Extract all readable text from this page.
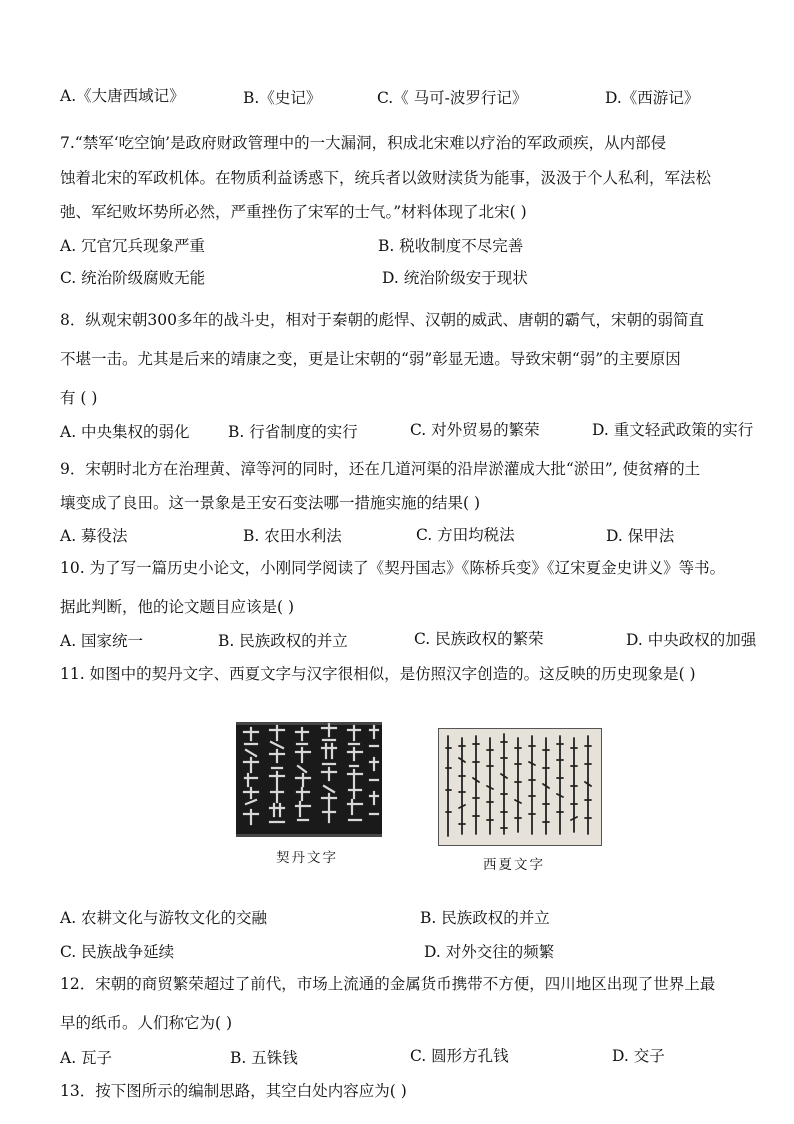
A.《大唐西域记》	B.《史记》	C.《 马可-波罗行记》	D.《西游记》
7.“禁军‘吃空饷’是政府财政管理中的一大漏洞，积成北宋难以疗治的军政顽疾，从内部侵
蚀着北宋的军政机体。在物质利益诱惑下，统兵者以敛财渎货为能事，汲汲于个人私利，军法松
弛、军纪败坏势所必然，严重挫伤了宋军的士气。”材料体现了北宋( )
A. 冗官冗兵现象严重	B. 税收制度不尽完善
C. 统治阶级腐败无能	D. 统治阶级安于现状
8．纵观宋朝300多年的战斗史，相对于秦朝的彪悍、汉朝的威武、唐朝的霸气，宋朝的弱简直
不堪一击。尤其是后来的靖康之变，更是让宋朝的“弱”彰显无遗。导致宋朝“弱”的主要原因
有 ( )
A. 中央集权的弱化 B. 行省制度的实行	C. 对外贸易的繁荣	D. 重文轻武政策的实行
9．宋朝时北方在治理黄、漳等河的同时，还在几道河渠的沿岸淤灌成大批“淤田”, 使贫瘠的土
壤变成了良田。这一景象是王安石变法哪一措施实施的结果( )
A. 募役法	B. 农田水利法	C. 方田均税法	D. 保甲法
10. 为了写一篇历史小论文，小刚同学阅读了《契丹国志》《陈桥兵变》《辽宋夏金史讲义》等书。
据此判断，他的论文题目应该是( )
A. 国家统一	B. 民族政权的并立	C. 民族政权的繁荣	D. 中央政权的加强
11. 如图中的契丹文字、西夏文字与汉字很相似，是仿照汉字创造的。这反映的历史现象是( )
契丹文字	西夏文字
A. 农耕文化与游牧文化的交融	B. 民族政权的并立
C. 民族战争延续	D. 对外交往的频繁
12．宋朝的商贸繁荣超过了前代，市场上流通的金属货币携带不方便，四川地区出现了世界上最
早的纸币。人们称它为( )
A. 瓦子	B. 五铢钱	C. 圆形方孔钱	D. 交子
13．按下图所示的编制思路，其空白处内容应为( )
